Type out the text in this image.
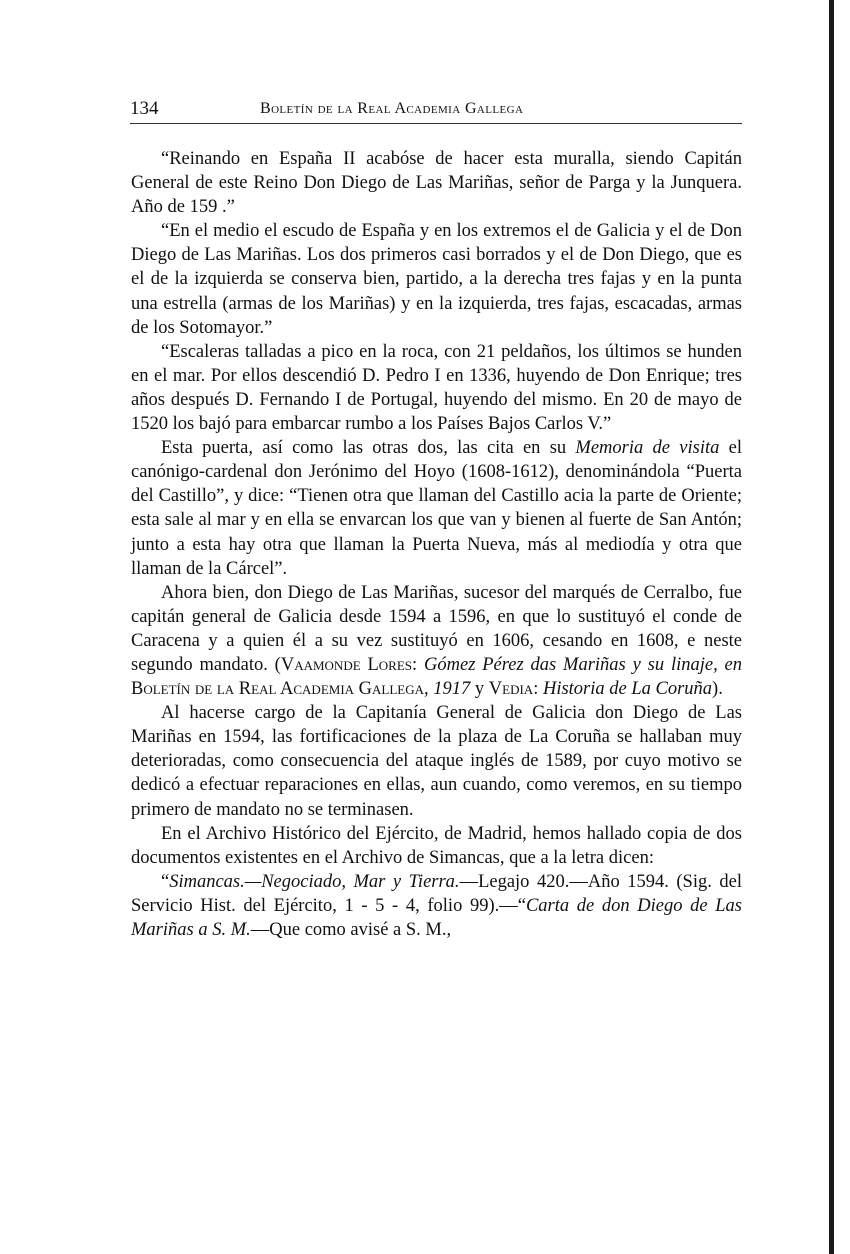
134	Boletín de la Real Academia Gallega

“Reinando en España II acabóse de hacer esta muralla, siendo Capitán General de este Reino Don Diego de Las Mariñas, señor de Parga y la Junquera. Año de 159 .”

“En el medio el escudo de España y en los extremos el de Galicia y el de Don Diego de Las Mariñas. Los dos primeros casi borrados y el de Don Diego, que es el de la izquierda se conserva bien, partido, a la derecha tres fajas y en la punta una estrella (armas de los Mariñas) y en la izquierda, tres fajas, escacadas, armas de los Sotomayor.”

“Escaleras talladas a pico en la roca, con 21 peldaños, los últimos se hunden en el mar. Por ellos descendió D. Pedro I en 1336, huyendo de Don Enrique; tres años después D. Fernando I de Portugal, huyendo del mismo. En 20 de mayo de 1520 los bajó para embarcar rumbo a los Países Bajos Carlos V.”

Esta puerta, así como las otras dos, las cita en su Memoria de visita el canónigo-cardenal don Jerónimo del Hoyo (1608-1612), denominándola “Puerta del Castillo”, y dice: “Tienen otra que llaman del Castillo acia la parte de Oriente; esta sale al mar y en ella se envarcan los que van y bienen al fuerte de San Antón; junto a esta hay otra que llaman la Puerta Nueva, más al mediodía y otra que llaman de la Cárcel”.

Ahora bien, don Diego de Las Mariñas, sucesor del marqués de Cerralbo, fue capitán general de Galicia desde 1594 a 1596, en que lo sustituyó el conde de Caracena y a quien él a su vez sustituyó en 1606, cesando en 1608, e neste segundo mandato. (Vaamonde Lores: Gómez Pérez das Mariñas y su linaje, en Boletín de la Real Academia Gallega, 1917 y Vedia: Historia de La Coruña).

Al hacerse cargo de la Capitanía General de Galicia don Diego de Las Mariñas en 1594, las fortificaciones de la plaza de La Coruña se hallaban muy deterioradas, como consecuencia del ataque inglés de 1589, por cuyo motivo se dedicó a efectuar reparaciones en ellas, aun cuando, como veremos, en su tiempo primero de mandato no se terminasen.

En el Archivo Histórico del Ejército, de Madrid, hemos hallado copia de dos documentos existentes en el Archivo de Simancas, que a la letra dicen:

“Simancas.—Negociado, Mar y Tierra.—Legajo 420.—Año 1594. (Sig. del Servicio Hist. del Ejército, 1 - 5 - 4, folio 99).—“Carta de don Diego de Las Mariñas a S. M.—Que como avisé a S. M.,
